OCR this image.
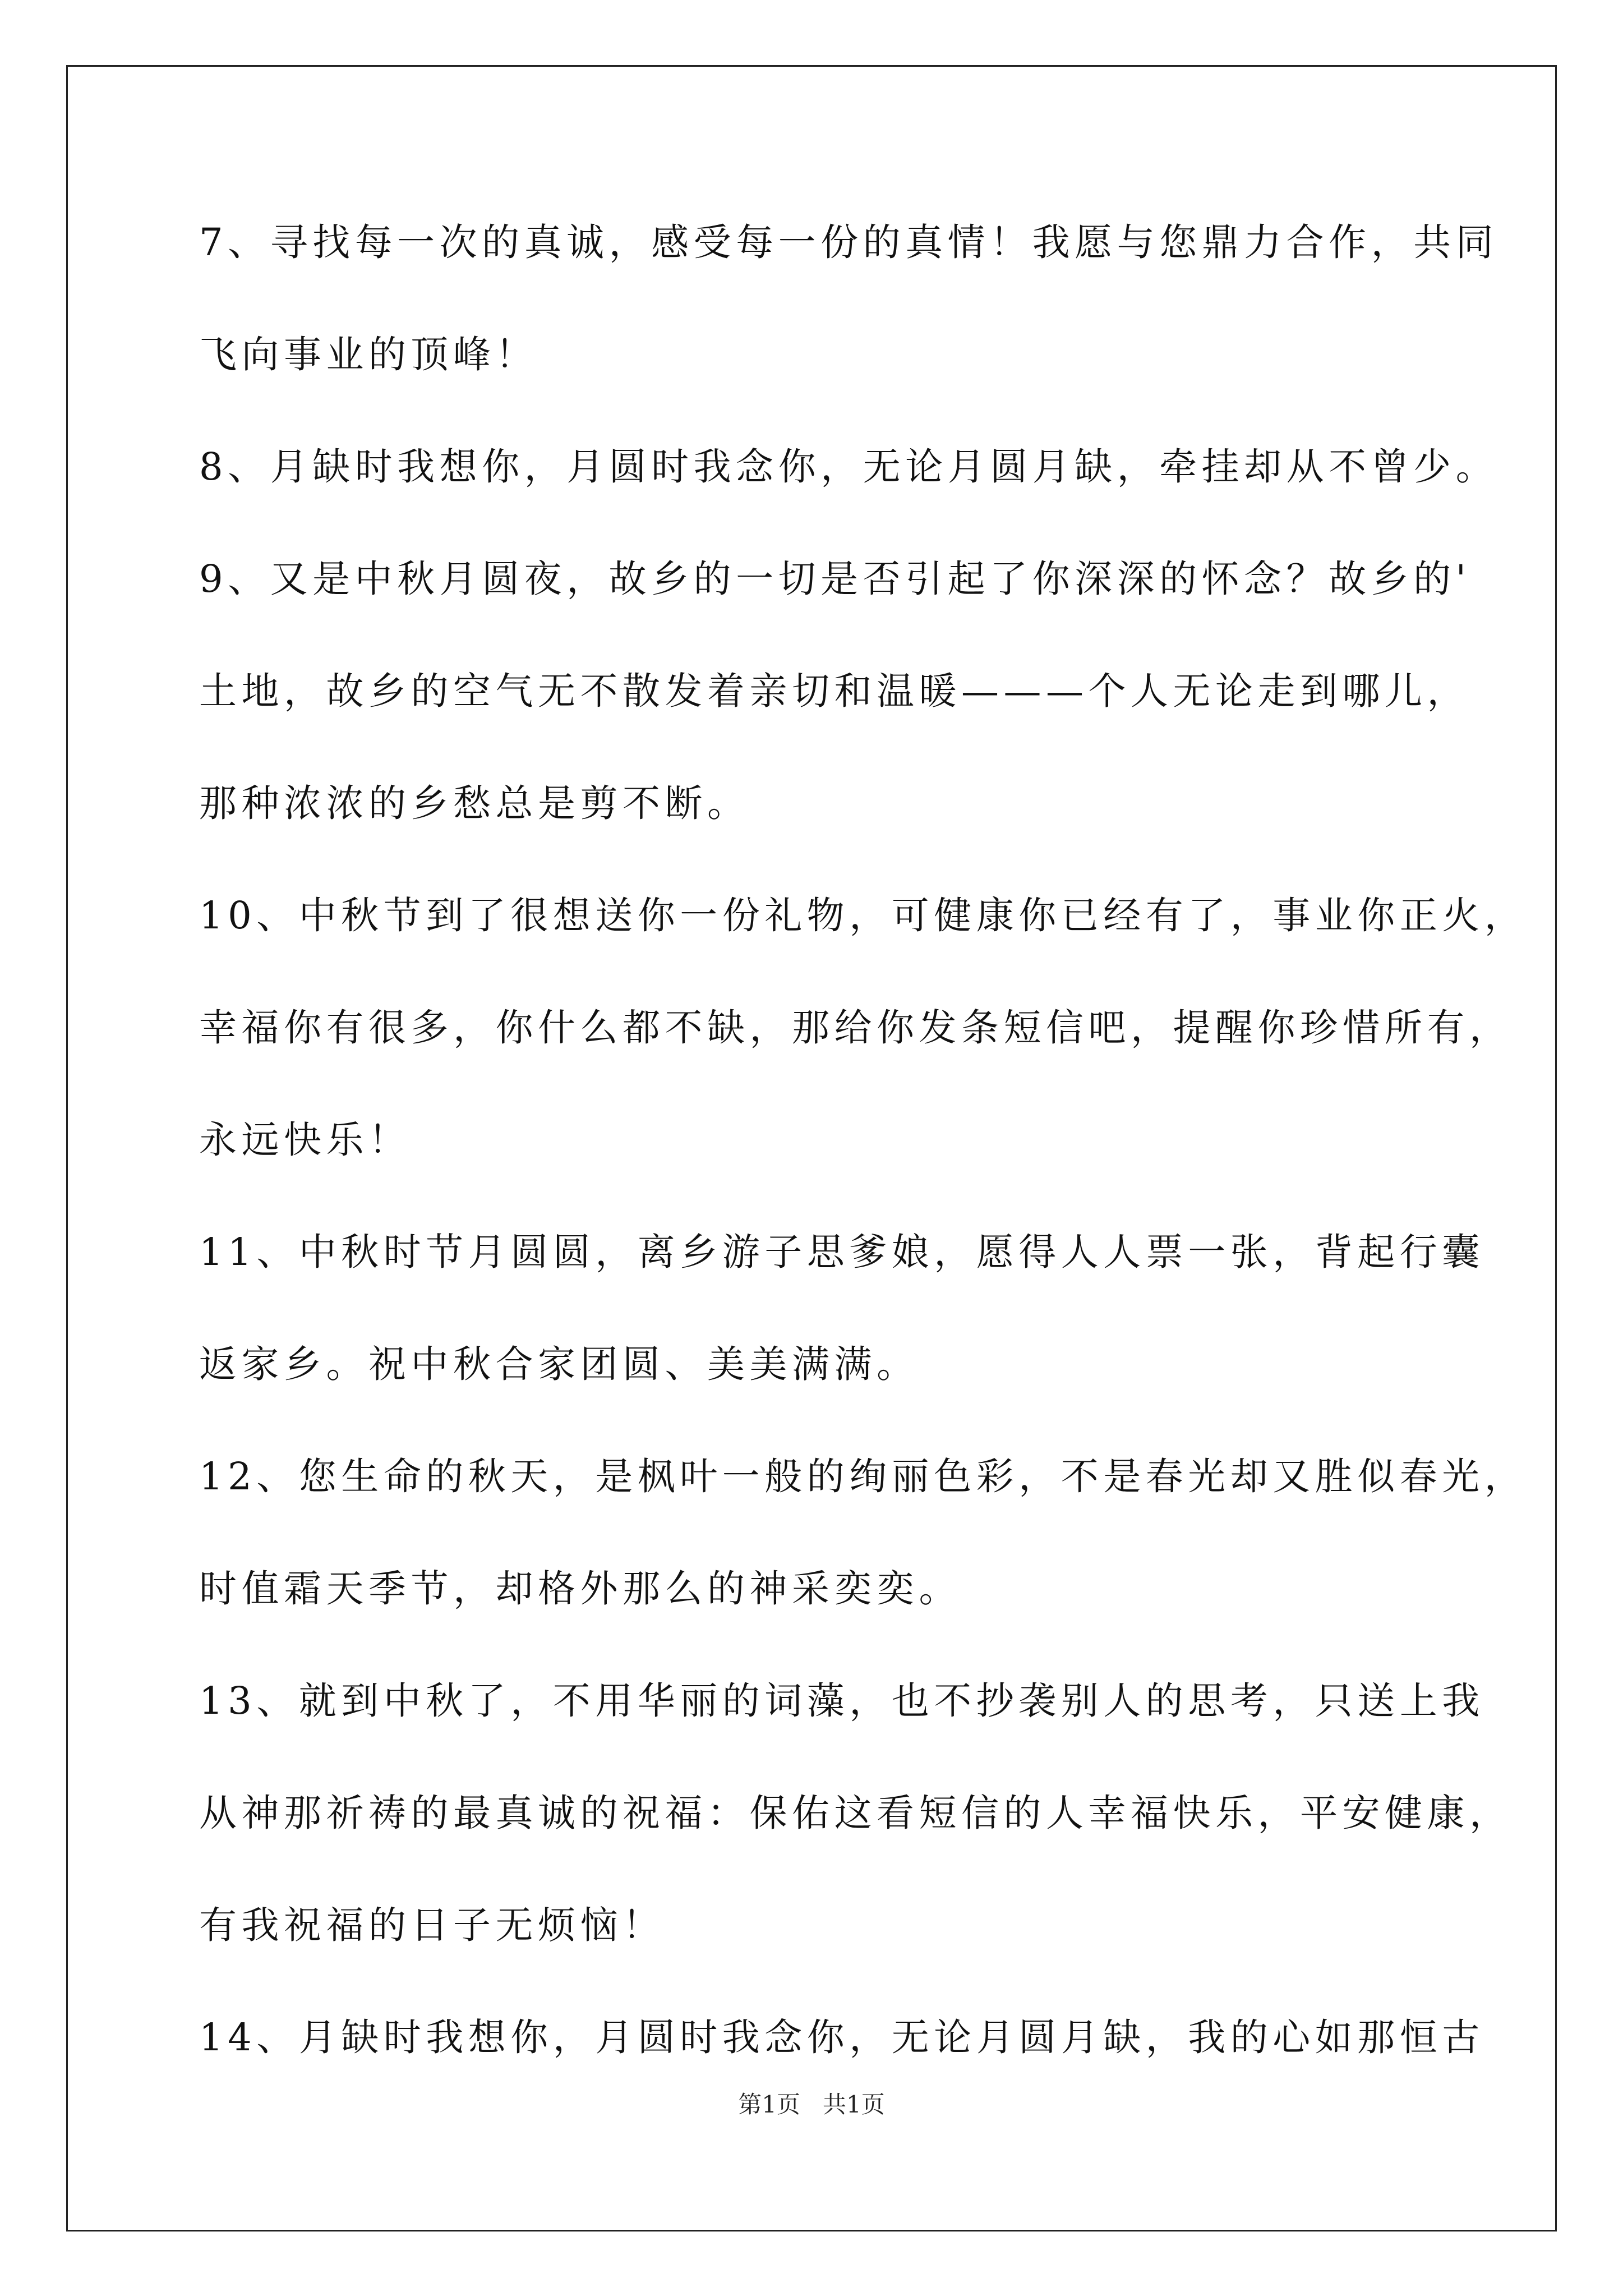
7、寻找每一次的真诚，感受每一份的真情！我愿与您鼎力合作，共同
飞向事业的顶峰！
8、月缺时我想你，月圆时我念你，无论月圆月缺，牵挂却从不曾少。
9、又是中秋月圆夜，故乡的一切是否引起了你深深的怀念？故乡的'
土地，故乡的空气无不散发着亲切和温暖———个人无论走到哪儿，
那种浓浓的乡愁总是剪不断。
10、中秋节到了很想送你一份礼物，可健康你已经有了，事业你正火，
幸福你有很多，你什么都不缺，那给你发条短信吧，提醒你珍惜所有，
永远快乐！
11、中秋时节月圆圆，离乡游子思爹娘，愿得人人票一张，背起行囊
返家乡。祝中秋合家团圆、美美满满。
12、您生命的秋天，是枫叶一般的绚丽色彩，不是春光却又胜似春光，
时值霜天季节，却格外那么的神采奕奕。
13、就到中秋了，不用华丽的词藻，也不抄袭别人的思考，只送上我
从神那祈祷的最真诚的祝福：保佑这看短信的人幸福快乐，平安健康，
有我祝福的日子无烦恼！
14、月缺时我想你，月圆时我念你，无论月圆月缺，我的心如那恒古
第1页   共1页
